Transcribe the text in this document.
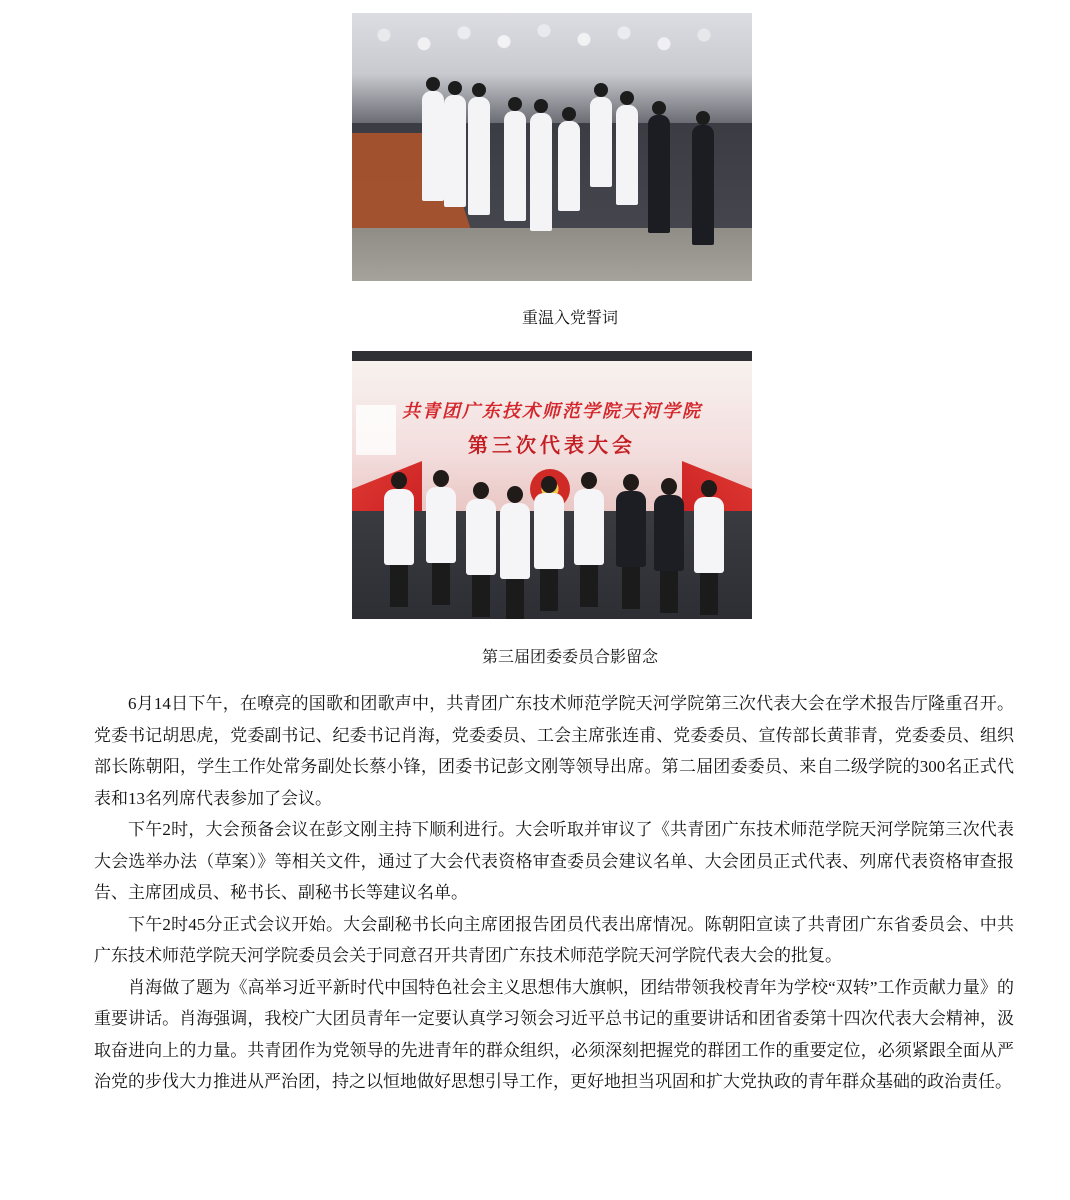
重温入党誓词
共青团广东技术师范学院天河学院
第三次代表大会
第三届团委委员合影留念

6月14日下午，在嘹亮的国歌和团歌声中，共青团广东技术师范学院天河学院第三次代表大会在学术报告厅隆重召开。党委书记胡思虎，党委副书记、纪委书记肖海，党委委员、工会主席张连甫、党委委员、宣传部长黄菲青，党委委员、组织部长陈朝阳，学生工作处常务副处长蔡小锋，团委书记彭文刚等领导出席。第二届团委委员、来自二级学院的300名正式代表和13名列席代表参加了会议。

下午2时，大会预备会议在彭文刚主持下顺利进行。大会听取并审议了《共青团广东技术师范学院天河学院第三次代表大会选举办法（草案）》等相关文件，通过了大会代表资格审查委员会建议名单、大会团员正式代表、列席代表资格审查报告、主席团成员、秘书长、副秘书长等建议名单。

下午2时45分正式会议开始。大会副秘书长向主席团报告团员代表出席情况。陈朝阳宣读了共青团广东省委员会、中共广东技术师范学院天河学院委员会关于同意召开共青团广东技术师范学院天河学院代表大会的批复。

肖海做了题为《高举习近平新时代中国特色社会主义思想伟大旗帜，团结带领我校青年为学校“双转”工作贡献力量》的重要讲话。肖海强调，我校广大团员青年一定要认真学习领会习近平总书记的重要讲话和团省委第十四次代表大会精神，汲取奋进向上的力量。共青团作为党领导的先进青年的群众组织，必须深刻把握党的群团工作的重要定位，必须紧跟全面从严治党的步伐大力推进从严治团，持之以恒地做好思想引导工作，更好地担当巩固和扩大党执政的青年群众基础的政治责任。
